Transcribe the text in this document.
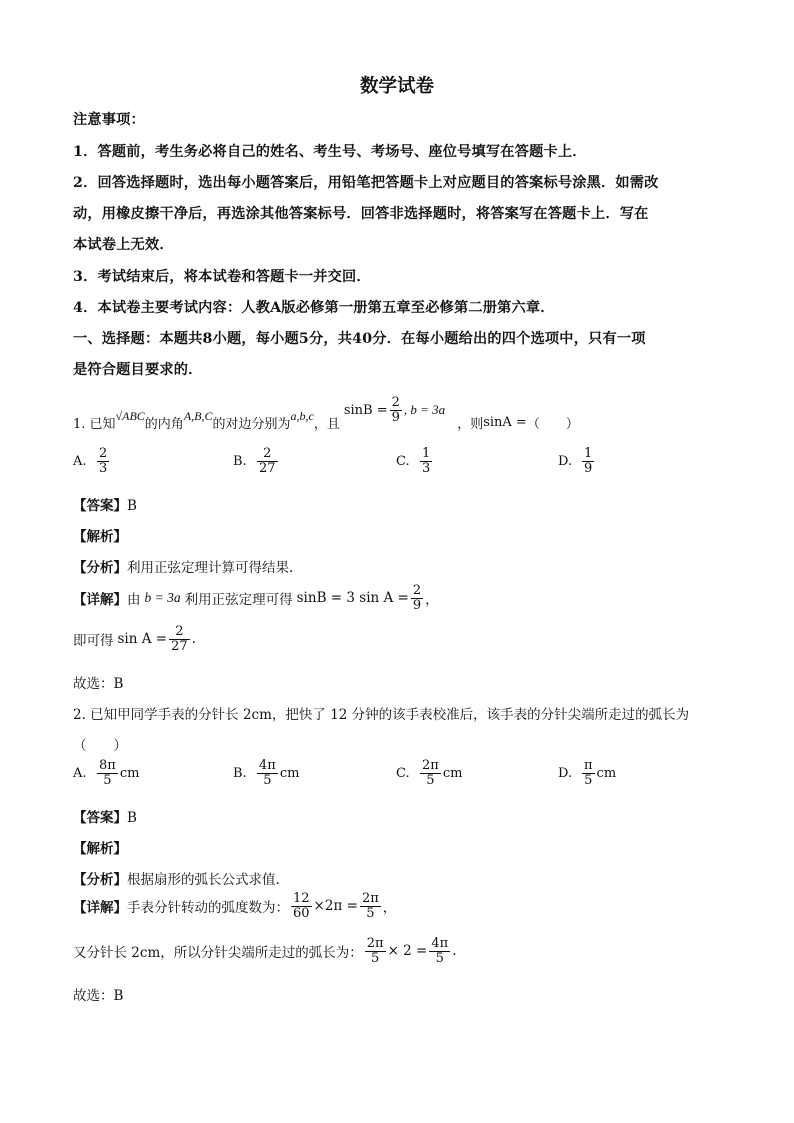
数学试卷
注意事项：
1．答题前，考生务必将自己的姓名、考生号、考场号、座位号填写在答题卡上．
2．回答选择题时，选出每小题答案后，用铅笔把答题卡上对应题目的答案标号涂黑．如需改
动，用橡皮擦干净后，再选涂其他答案标号．回答非选择题时，将答案写在答题卡上．写在
本试卷上无效．
3．考试结束后，将本试卷和答题卡一并交回．
4．本试卷主要考试内容：人教A版必修第一册第五章至必修第二册第六章．
一、选择题：本题共8小题，每小题5分，共40分．在每小题给出的四个选项中，只有一项
是符合题目要求的．
1. 已知
√ABC
的内角
A,B,C
的对边分别为
a,b,c
，且
$\sin B = \frac{2}{9}$ , b = 3a
，则 sinA = （　　）
A. $\frac{2}{3}$	B. $\frac{2}{27}$	C. $\frac{1}{3}$	D. $\frac{1}{9}$
【答案】B
【解析】
【分析】利用正弦定理计算可得结果.
【详解】 由 b = 3a 利用正弦定理可得 sinB = 3 $\sin A = \frac{2}{9}$ ，
即可得 $\sin A = \frac{2}{27}$ .
故选：B
2. 已知甲同学手表的分针长 2cm，把快了 12 分钟的该手表校准后，该手表的分针尖端所走过的弧长为
（　　）
A. $\frac{8\pi}{5}$ cm	B. $\frac{4\pi}{5}$ cm	C. $\frac{2\pi}{5}$ cm	D. $\frac{\pi}{5}$ cm
【答案】B
【解析】
【分析】根据扇形的弧长公式求值.
【详解】 手表分针转动的弧度数为： $\frac{12}{60} \times 2\pi = \frac{2\pi}{5}$ ，
又分针长 2cm，所以分针尖端所走过的弧长为： $\frac{2\pi}{5} \times 2 = \frac{4\pi}{5}$ .
故选：B
